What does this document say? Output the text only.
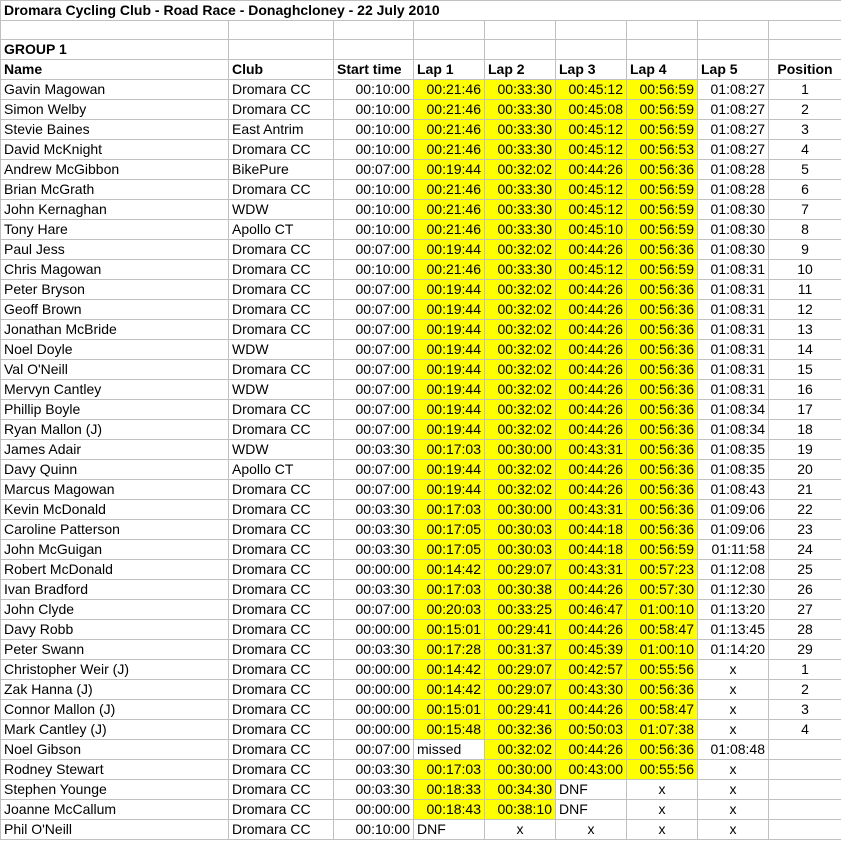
Dromara Cycling Club - Road Race - Donaghcloney - 22 July 2010								

GROUP 1								
Name	Club	Start time	Lap 1	Lap 2	Lap 3	Lap 4	Lap 5	Position
Gavin Magowan	Dromara CC	00:10:00	00:21:46	00:33:30	00:45:12	00:56:59	01:08:27	1
Simon Welby	Dromara CC	00:10:00	00:21:46	00:33:30	00:45:08	00:56:59	01:08:27	2
Stevie Baines	East Antrim	00:10:00	00:21:46	00:33:30	00:45:12	00:56:59	01:08:27	3
David McKnight	Dromara CC	00:10:00	00:21:46	00:33:30	00:45:12	00:56:53	01:08:27	4
Andrew McGibbon	BikePure	00:07:00	00:19:44	00:32:02	00:44:26	00:56:36	01:08:28	5
Brian McGrath	Dromara CC	00:10:00	00:21:46	00:33:30	00:45:12	00:56:59	01:08:28	6
John Kernaghan	WDW	00:10:00	00:21:46	00:33:30	00:45:12	00:56:59	01:08:30	7
Tony Hare	Apollo CT	00:10:00	00:21:46	00:33:30	00:45:10	00:56:59	01:08:30	8
Paul Jess	Dromara CC	00:07:00	00:19:44	00:32:02	00:44:26	00:56:36	01:08:30	9
Chris Magowan	Dromara CC	00:10:00	00:21:46	00:33:30	00:45:12	00:56:59	01:08:31	10
Peter Bryson	Dromara CC	00:07:00	00:19:44	00:32:02	00:44:26	00:56:36	01:08:31	11
Geoff Brown	Dromara CC	00:07:00	00:19:44	00:32:02	00:44:26	00:56:36	01:08:31	12
Jonathan McBride	Dromara CC	00:07:00	00:19:44	00:32:02	00:44:26	00:56:36	01:08:31	13
Noel Doyle	WDW	00:07:00	00:19:44	00:32:02	00:44:26	00:56:36	01:08:31	14
Val O'Neill	Dromara CC	00:07:00	00:19:44	00:32:02	00:44:26	00:56:36	01:08:31	15
Mervyn Cantley	WDW	00:07:00	00:19:44	00:32:02	00:44:26	00:56:36	01:08:31	16
Phillip Boyle	Dromara CC	00:07:00	00:19:44	00:32:02	00:44:26	00:56:36	01:08:34	17
Ryan Mallon (J)	Dromara CC	00:07:00	00:19:44	00:32:02	00:44:26	00:56:36	01:08:34	18
James Adair	WDW	00:03:30	00:17:03	00:30:00	00:43:31	00:56:36	01:08:35	19
Davy Quinn	Apollo CT	00:07:00	00:19:44	00:32:02	00:44:26	00:56:36	01:08:35	20
Marcus Magowan	Dromara CC	00:07:00	00:19:44	00:32:02	00:44:26	00:56:36	01:08:43	21
Kevin McDonald	Dromara CC	00:03:30	00:17:03	00:30:00	00:43:31	00:56:36	01:09:06	22
Caroline Patterson	Dromara CC	00:03:30	00:17:05	00:30:03	00:44:18	00:56:36	01:09:06	23
John McGuigan	Dromara CC	00:03:30	00:17:05	00:30:03	00:44:18	00:56:59	01:11:58	24
Robert McDonald	Dromara CC	00:00:00	00:14:42	00:29:07	00:43:31	00:57:23	01:12:08	25
Ivan Bradford	Dromara CC	00:03:30	00:17:03	00:30:38	00:44:26	00:57:30	01:12:30	26
John Clyde	Dromara CC	00:07:00	00:20:03	00:33:25	00:46:47	01:00:10	01:13:20	27
Davy Robb	Dromara CC	00:00:00	00:15:01	00:29:41	00:44:26	00:58:47	01:13:45	28
Peter Swann	Dromara CC	00:03:30	00:17:28	00:31:37	00:45:39	01:00:10	01:14:20	29
Christopher Weir (J)	Dromara CC	00:00:00	00:14:42	00:29:07	00:42:57	00:55:56	x	1
Zak Hanna (J)	Dromara CC	00:00:00	00:14:42	00:29:07	00:43:30	00:56:36	x	2
Connor Mallon (J)	Dromara CC	00:00:00	00:15:01	00:29:41	00:44:26	00:58:47	x	3
Mark Cantley (J)	Dromara CC	00:00:00	00:15:48	00:32:36	00:50:03	01:07:38	x	4
Noel Gibson	Dromara CC	00:07:00	missed	00:32:02	00:44:26	00:56:36	01:08:48	
Rodney Stewart	Dromara CC	00:03:30	00:17:03	00:30:00	00:43:00	00:55:56	x	
Stephen Younge	Dromara CC	00:03:30	00:18:33	00:34:30	DNF	x	x	
Joanne McCallum	Dromara CC	00:00:00	00:18:43	00:38:10	DNF	x	x	
Phil O'Neill	Dromara CC	00:10:00	DNF	x	x	x	x	
